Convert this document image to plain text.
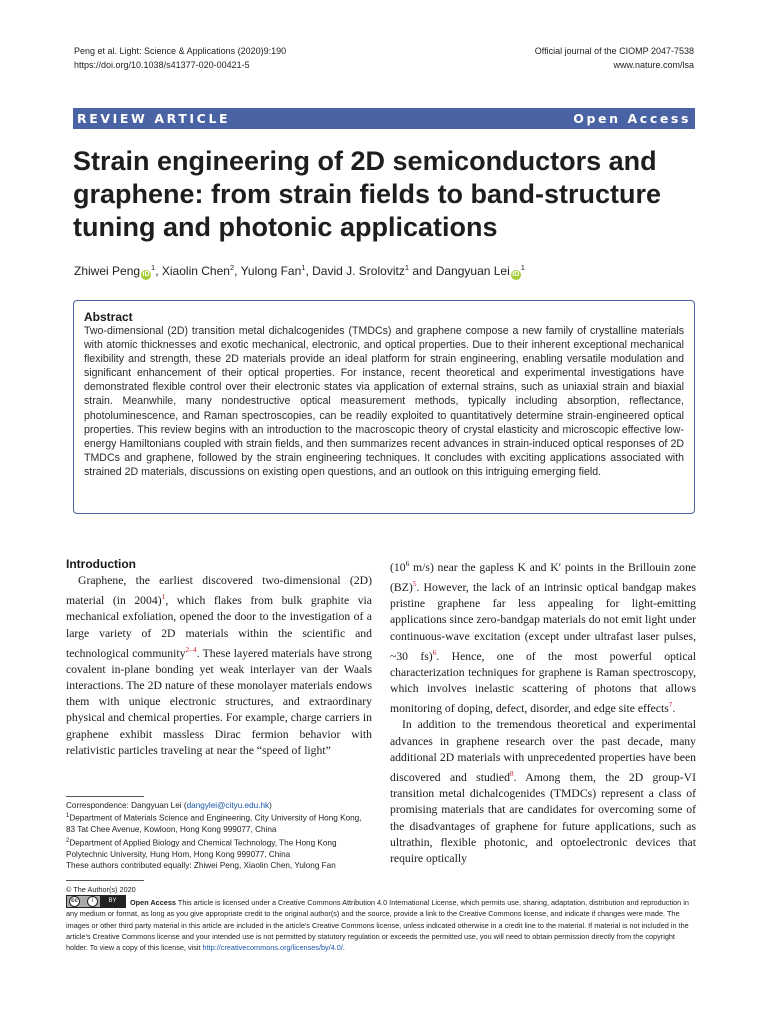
Peng et al. Light: Science & Applications (2020)9:190
https://doi.org/10.1038/s41377-020-00421-5
Official journal of the CIOMP 2047-7538
www.nature.com/lsa
REVIEW ARTICLE	Open Access
Strain engineering of 2D semiconductors and graphene: from strain fields to band-structure tuning and photonic applications
Zhiwei Peng $iD^1$, Xiaolin Chen$^2$, Yulong Fan$^1$, David J. Srolovitz$^1$ and Dangyuan Lei $iD^1$
Abstract

Two-dimensional (2D) transition metal dichalcogenides (TMDCs) and graphene compose a new family of crystalline materials with atomic thicknesses and exotic mechanical, electronic, and optical properties. Due to their inherent exceptional mechanical flexibility and strength, these 2D materials provide an ideal platform for strain engineering, enabling versatile modulation and significant enhancement of their optical properties. For instance, recent theoretical and experimental investigations have demonstrated flexible control over their electronic states via application of external strains, such as uniaxial strain and biaxial strain. Meanwhile, many nondestructive optical measurement methods, typically including absorption, reflectance, photoluminescence, and Raman spectroscopies, can be readily exploited to quantitatively determine strain-engineered optical properties. This review begins with an introduction to the macroscopic theory of crystal elasticity and microscopic effective low-energy Hamiltonians coupled with strain fields, and then summarizes recent advances in strain-induced optical responses of 2D TMDCs and graphene, followed by the strain engineering techniques. It concludes with exciting applications associated with strained 2D materials, discussions on existing open questions, and an outlook on this intriguing emerging field.

Introduction

Graphene, the earliest discovered two-dimensional (2D) material (in 2004)$^1$, which flakes from bulk graphite via mechanical exfoliation, opened the door to the investigation of a large variety of 2D materials within the scientific and technological community$^{2-4}$. These layered materials have strong covalent in-plane bonding yet weak interlayer van der Waals interactions. The 2D nature of these monolayer materials endows them with unique electronic structures, and extraordinary physical and chemical properties. For example, charge carriers in graphene exhibit massless Dirac fermion behavior with relativistic particles traveling at near the “speed of light”

($10^6$ m/s) near the gapless K and K′ points in the Brillouin zone (BZ)$^5$. However, the lack of an intrinsic optical bandgap makes pristine graphene far less appealing for light-emitting applications since zero-bandgap materials do not emit light under continuous-wave excitation (except under ultrafast laser pulses, ~30 fs)$^6$. Hence, one of the most powerful optical characterization techniques for graphene is Raman spectroscopy, which involves inelastic scattering of photons that allows monitoring of doping, defect, disorder, and edge site effects$^7$.

In addition to the tremendous theoretical and experimental advances in graphene research over the past decade, many additional 2D materials with unprecedented properties have been discovered and studied$^8$. Among them, the 2D group-VI transition metal dichalcogenides (TMDCs) represent a class of promising materials that are candidates for overcoming some of the disadvantages of graphene for future applications, such as ultrathin, flexible photonic, and optoelectronic devices that require optically

Correspondence: Dangyuan Lei (dangylei@cityu.edu.hk)
$^1$Department of Materials Science and Engineering, City University of Hong Kong, 83 Tat Chee Avenue, Kowloon, Hong Kong 999077, China
$^2$Department of Applied Biology and Chemical Technology, The Hong Kong Polytechnic University, Hung Hom, Hong Kong 999077, China
These authors contributed equally: Zhiwei Peng, Xiaolin Chen, Yulong Fan
© The Author(s) 2020
cc	i	BY	Open Access This article is licensed under a Creative Commons Attribution 4.0 International License, which permits use, sharing, adaptation, distribution and reproduction in any medium or format, as long as you give appropriate credit to the original author(s) and the source, provide a link to the Creative Commons license, and indicate if changes were made. The images or other third party material in this article are included in the article's Creative Commons license, unless indicated otherwise in a credit line to the material. If material is not included in the article's Creative Commons license and your intended use is not permitted by statutory regulation or exceeds the permitted use, you will need to obtain permission directly from the copyright holder. To view a copy of this license, visit http://creativecommons.org/licenses/by/4.0/.
